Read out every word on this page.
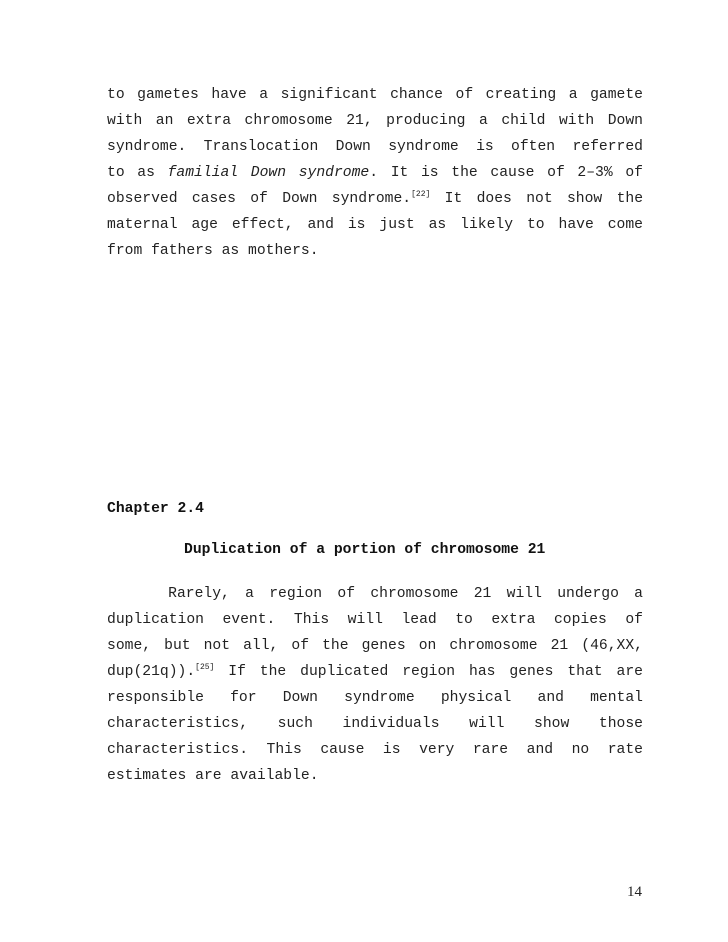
to gametes have a significant chance of creating a gamete
with an extra chromosome 21, producing a child with Down
syndrome. Translocation Down syndrome is often referred
to as familial Down syndrome. It is the cause of 2–3% of
observed cases of Down syndrome.[22] It does not show the
maternal age effect, and is just as likely to have come
from fathers as mothers.
Chapter 2.4
Duplication of a portion of chromosome 21
Rarely, a region of chromosome 21 will undergo a
duplication event. This will lead to extra copies of
some, but not all, of the genes on chromosome 21 (46,XX,
dup(21q)).[25] If the duplicated region has genes that are
responsible for Down syndrome physical and mental
characteristics, such individuals will show those
characteristics. This cause is very rare and no rate
estimates are available.
14
